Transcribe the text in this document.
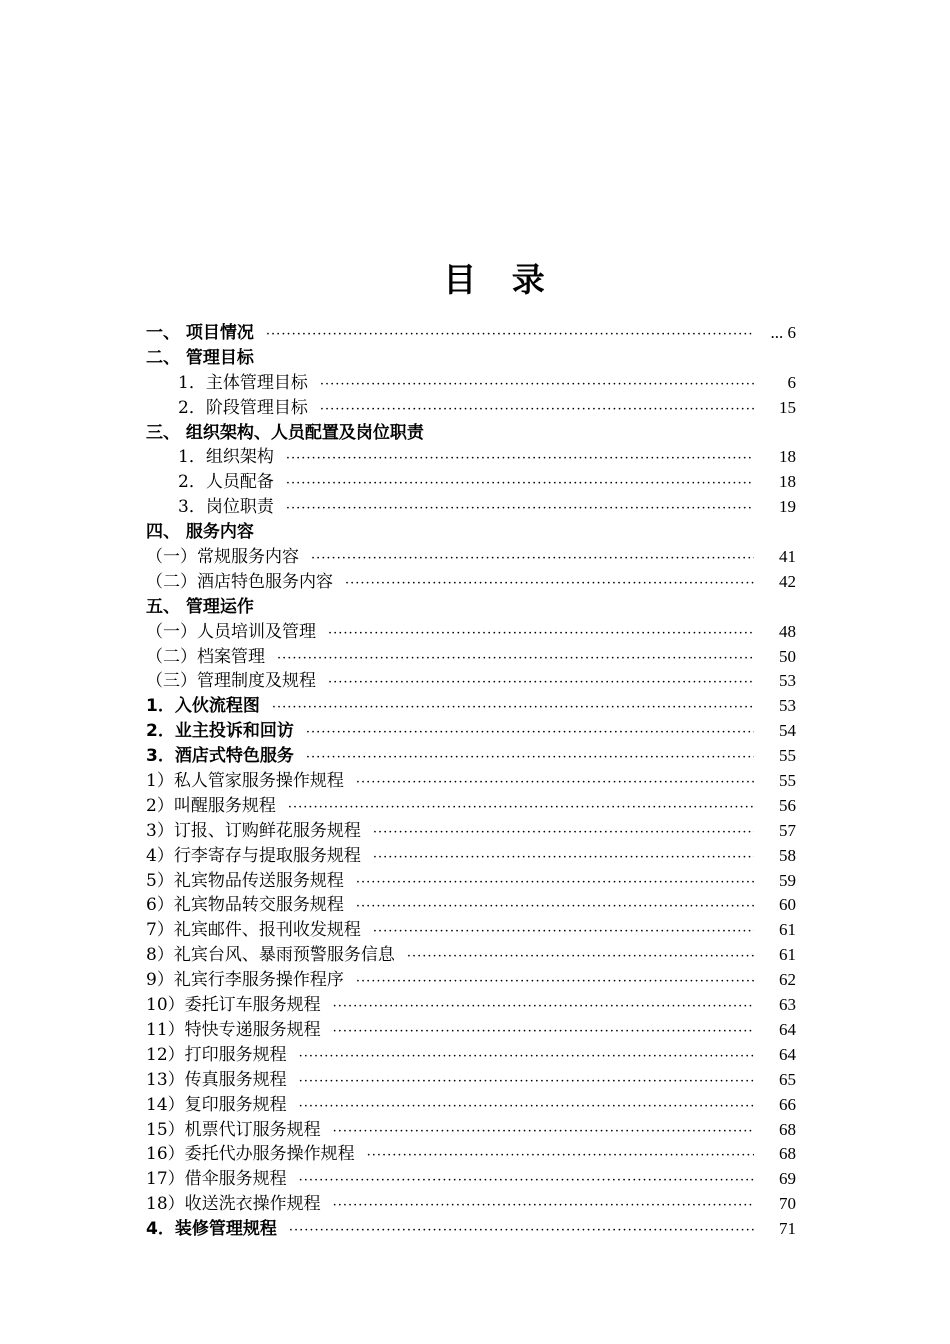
目 录
一、 项目情况 ·····	... 6
二、 管理目标
1．主体管理目标 ·····	6
2．阶段管理目标 ·····	15
三、 组织架构、人员配置及岗位职责
1．组织架构 ·····	18
2．人员配备 ·····	18
3．岗位职责 ·····	19
四、 服务内容
（一）常规服务内容 ·····	41
（二）酒店特色服务内容 ·····	42
五、 管理运作
（一）人员培训及管理 ·····	48
（二）档案管理 ·····	50
（三）管理制度及规程 ·····	53
1．入伙流程图 ·····	53
2．业主投诉和回访 ·····	54
3．酒店式特色服务 ·····	55
1）私人管家服务操作规程 ·····	55
2）叫醒服务规程 ·····	56
3）订报、订购鲜花服务规程 ·····	57
4）行李寄存与提取服务规程 ·····	58
5）礼宾物品传送服务规程 ·····	59
6）礼宾物品转交服务规程 ·····	60
7）礼宾邮件、报刊收发规程 ·····	61
8）礼宾台风、暴雨预警服务信息 ·····	61
9）礼宾行李服务操作程序 ·····	62
10）委托订车服务规程 ·····	63
11）特快专递服务规程 ·····	64
12）打印服务规程 ·····	64
13）传真服务规程 ·····	65
14）复印服务规程 ·····	66
15）机票代订服务规程 ·····	68
16）委托代办服务操作规程 ·····	68
17）借伞服务规程 ·····	69
18）收送洗衣操作规程 ·····	70
4．装修管理规程 ·····	71
